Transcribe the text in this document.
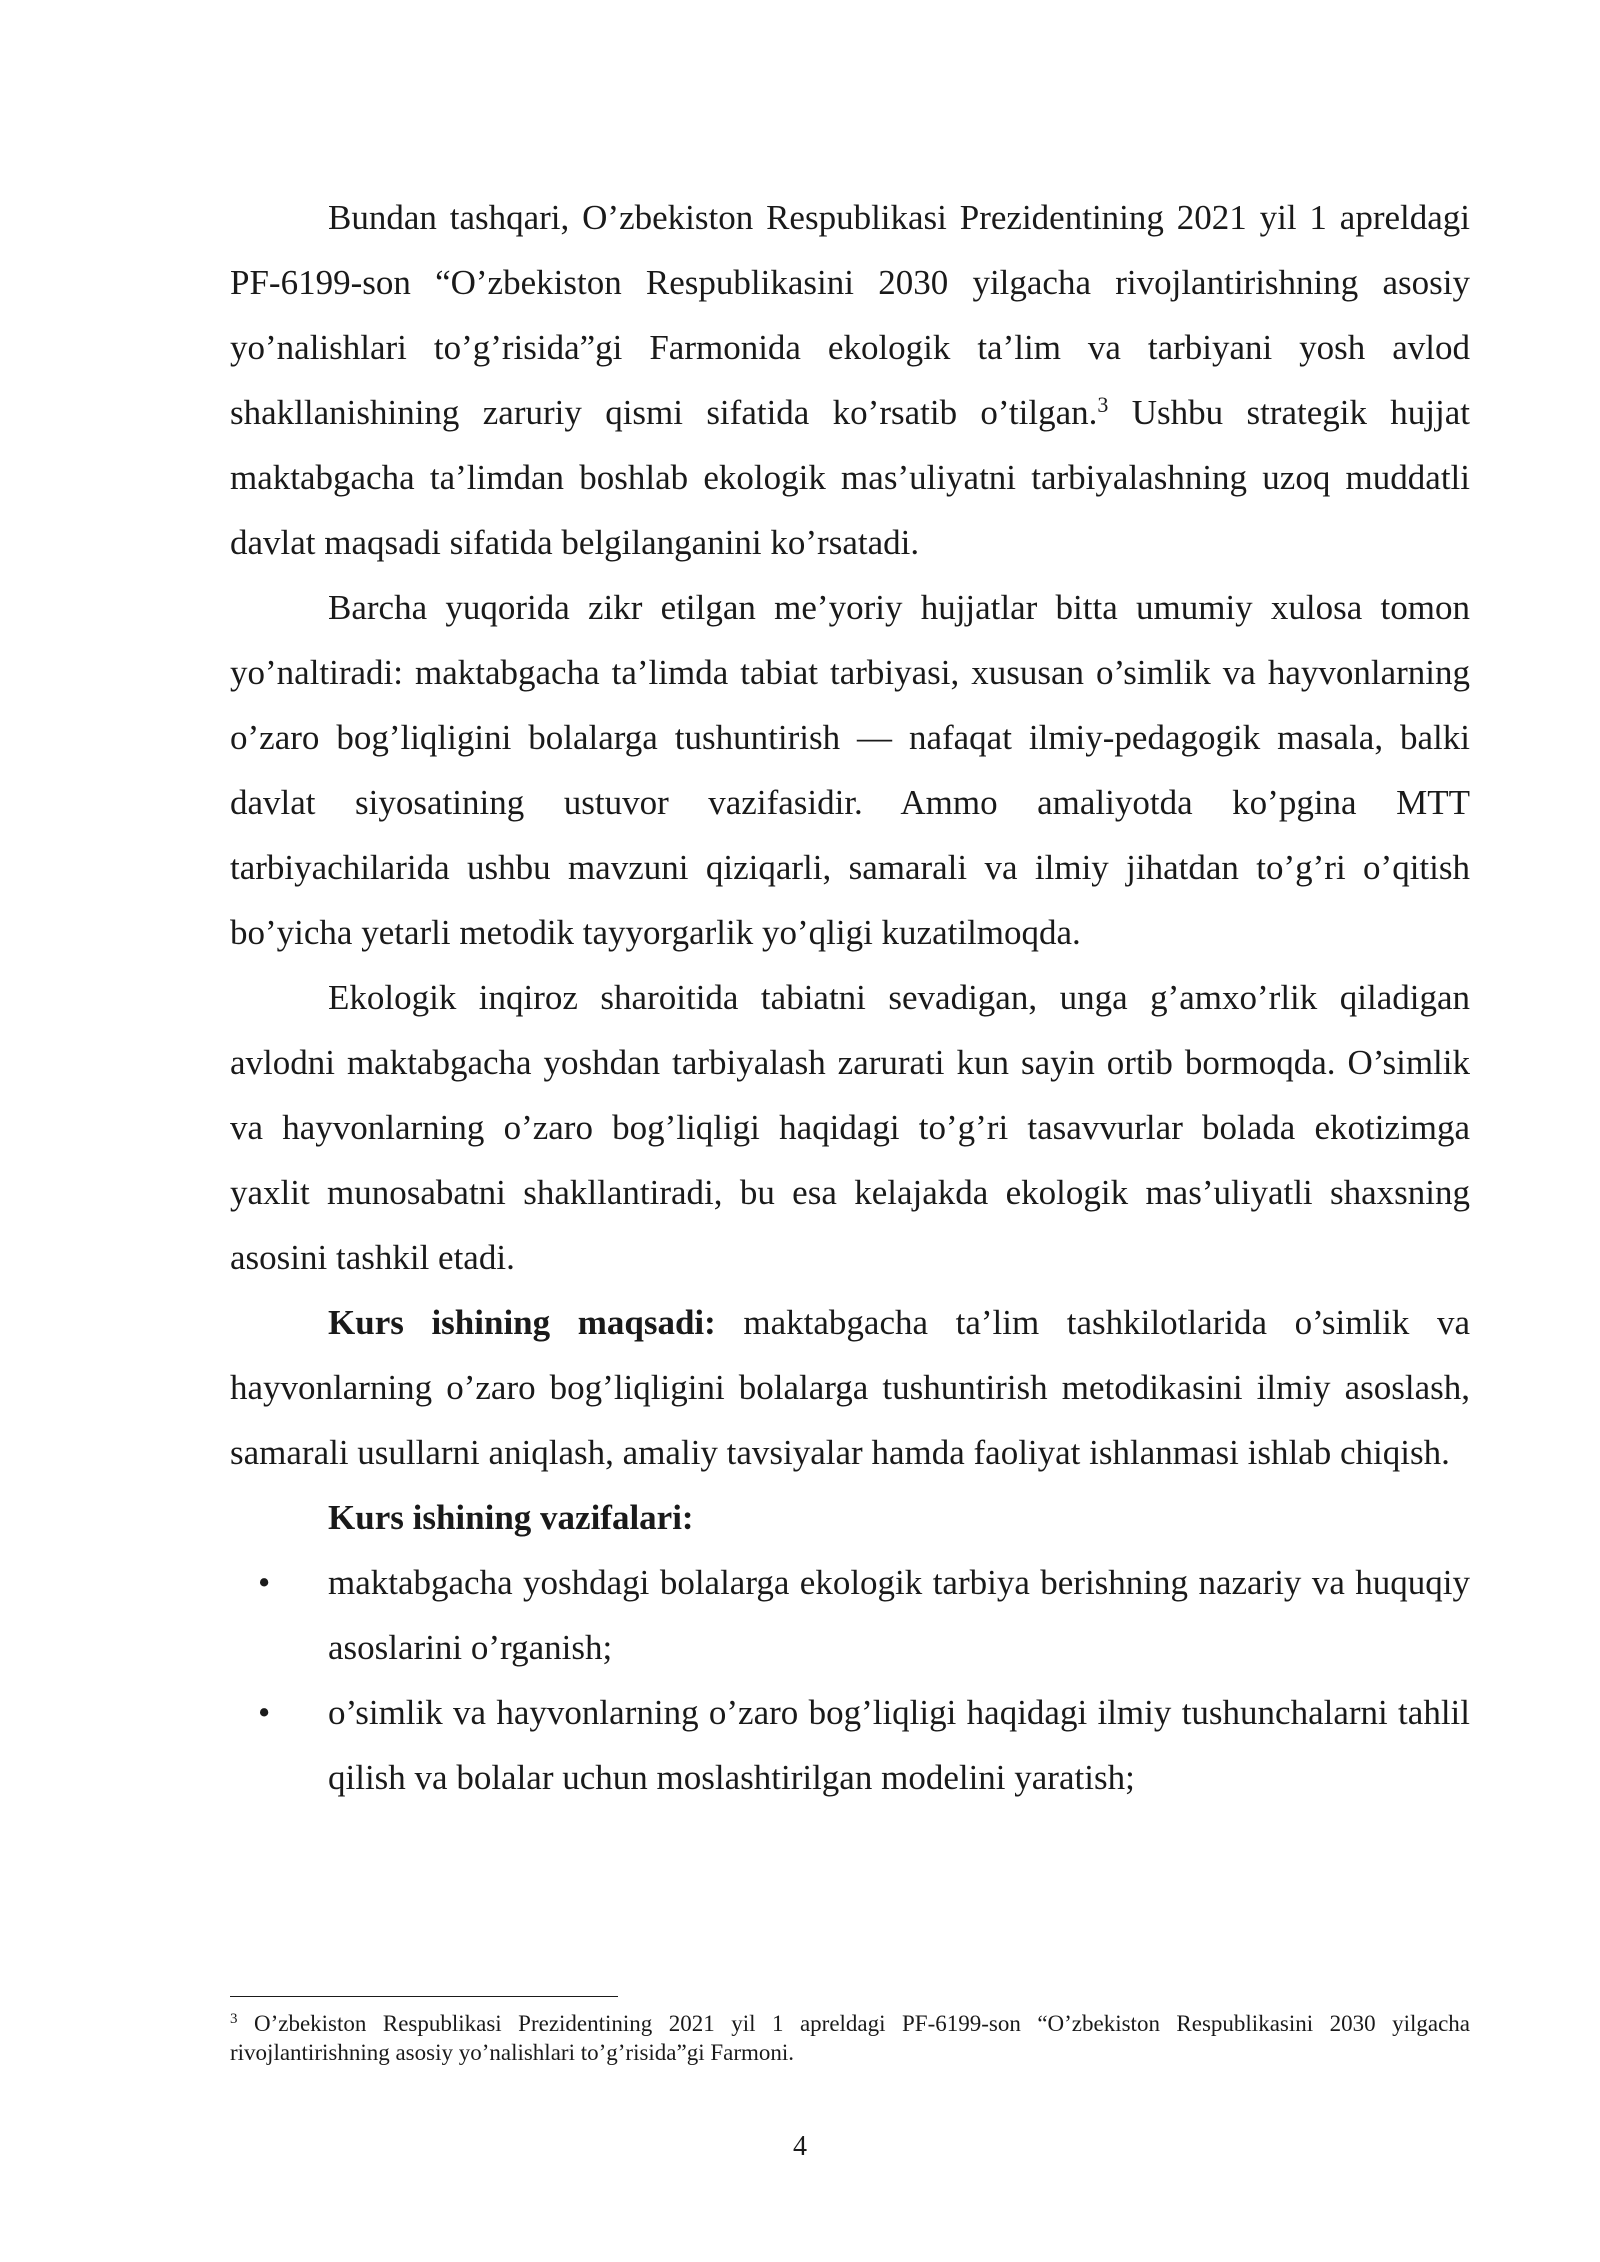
Bundan tashqari, O’zbekiston Respublikasi Prezidentining 2021 yil 1 apreldagi PF-6199-son “O’zbekiston Respublikasini 2030 yilgacha rivojlantirishning asosiy yo’nalishlari to’g’risida”gi Farmonida ekologik ta’lim va tarbiyani yosh avlod shakllanishining zaruriy qismi sifatida ko’rsatib o’tilgan.$^3$ Ushbu strategik hujjat maktabgacha ta’limdan boshlab ekologik mas’uliyatni tarbiyalashning uzoq muddatli davlat maqsadi sifatida belgilanganini ko’rsatadi.

Barcha yuqorida zikr etilgan me’yoriy hujjatlar bitta umumiy xulosa tomon yo’naltiradi: maktabgacha ta’limda tabiat tarbiyasi, xususan o’simlik va hayvonlarning o’zaro bog’liqligini bolalarga tushuntirish — nafaqat ilmiy-pedagogik masala, balki davlat siyosatining ustuvor vazifasidir. Ammo amaliyotda ko’pgina MTT tarbiyachilarida ushbu mavzuni qiziqarli, samarali va ilmiy jihatdan to’g’ri o’qitish bo’yicha yetarli metodik tayyorgarlik yo’qligi kuzatilmoqda.

Ekologik inqiroz sharoitida tabiatni sevadigan, unga g’amxo’rlik qiladigan avlodni maktabgacha yoshdan tarbiyalash zarurati kun sayin ortib bormoqda. O’simlik va hayvonlarning o’zaro bog’liqligi haqidagi to’g’ri tasavvurlar bolada ekotizimga yaxlit munosabatni shakllantiradi, bu esa kelajakda ekologik mas’uliyatli shaxsning asosini tashkil etadi.

Kurs ishining maqsadi: maktabgacha ta’lim tashkilotlarida o’simlik va hayvonlarning o’zaro bog’liqligini bolalarga tushuntirish metodikasini ilmiy asoslash, samarali usullarni aniqlash, amaliy tavsiyalar hamda faoliyat ishlanmasi ishlab chiqish.

Kurs ishining vazifalari:

• maktabgacha yoshdagi bolalarga ekologik tarbiya berishning nazariy va huquqiy asoslarini o’rganish;
• o’simlik va hayvonlarning o’zaro bog’liqligi haqidagi ilmiy tushunchalarni tahlil qilish va bolalar uchun moslashtirilgan modelini yaratish;

$^3$ O’zbekiston Respublikasi Prezidentining 2021 yil 1 apreldagi PF-6199-son “O’zbekiston Respublikasini 2030 yilgacha rivojlantirishning asosiy yo’nalishlari to’g’risida”gi Farmoni.

4
